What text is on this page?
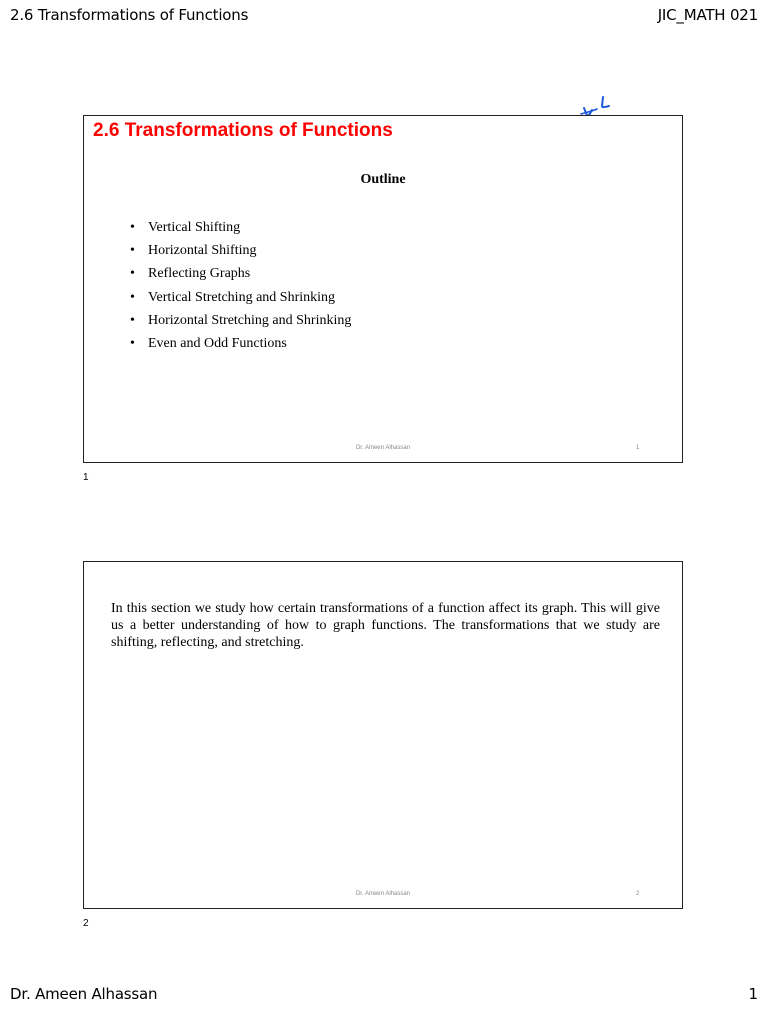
2.6 Transformations of Functions	JIC_MATH 021
2.6 Transformations of Functions
Outline
• Vertical Shifting
• Horizontal Shifting
• Reflecting Graphs
• Vertical Stretching and Shrinking
• Horizontal Stretching and Shrinking
• Even and Odd Functions
Dr. Ameen Alhassan	1
1

In this section we study how certain transformations of a function affect its graph. This will give us a better understanding of how to graph functions. The transformations that we study are shifting, reflecting, and stretching.

Dr. Ameen Alhassan	2
2
Dr. Ameen Alhassan	1
